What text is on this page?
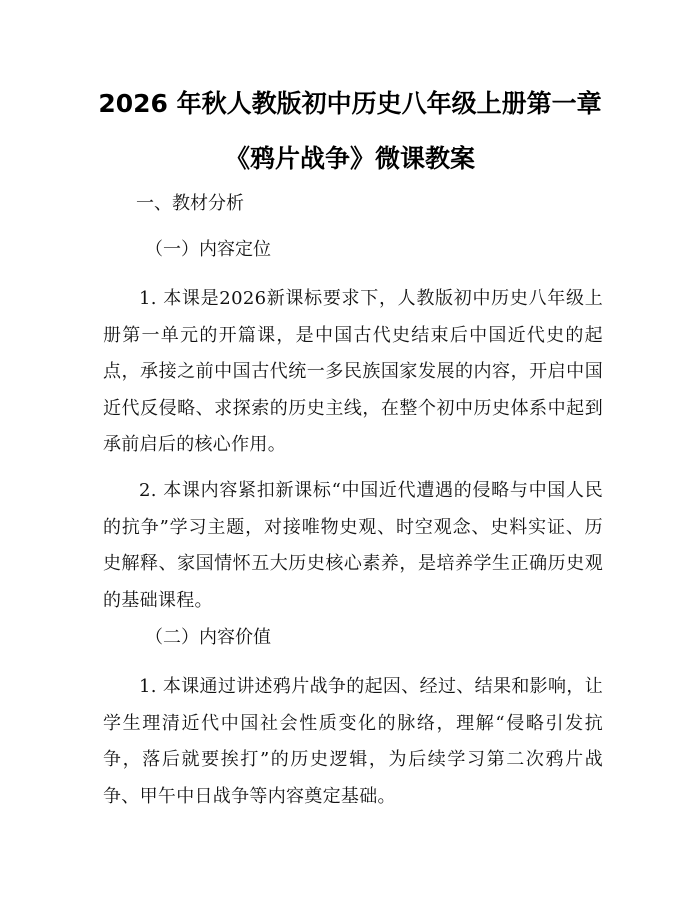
2026 年秋人教版初中历史八年级上册第一章
《鸦片战争》微课教案
一、教材分析
（一）内容定位

1. 本课是2026新课标要求下，人教版初中历史八年级上册第一单元的开篇课，是中国古代史结束后中国近代史的起点，承接之前中国古代统一多民族国家发展的内容，开启中国近代反侵略、求探索的历史主线，在整个初中历史体系中起到承前启后的核心作用。

2. 本课内容紧扣新课标“中国近代遭遇的侵略与中国人民的抗争”学习主题，对接唯物史观、时空观念、史料实证、历史解释、家国情怀五大历史核心素养，是培养学生正确历史观的基础课程。

（二）内容价值

1. 本课通过讲述鸦片战争的起因、经过、结果和影响，让学生理清近代中国社会性质变化的脉络，理解“侵略引发抗争，落后就要挨打”的历史逻辑，为后续学习第二次鸦片战争、甲午中日战争等内容奠定基础。
